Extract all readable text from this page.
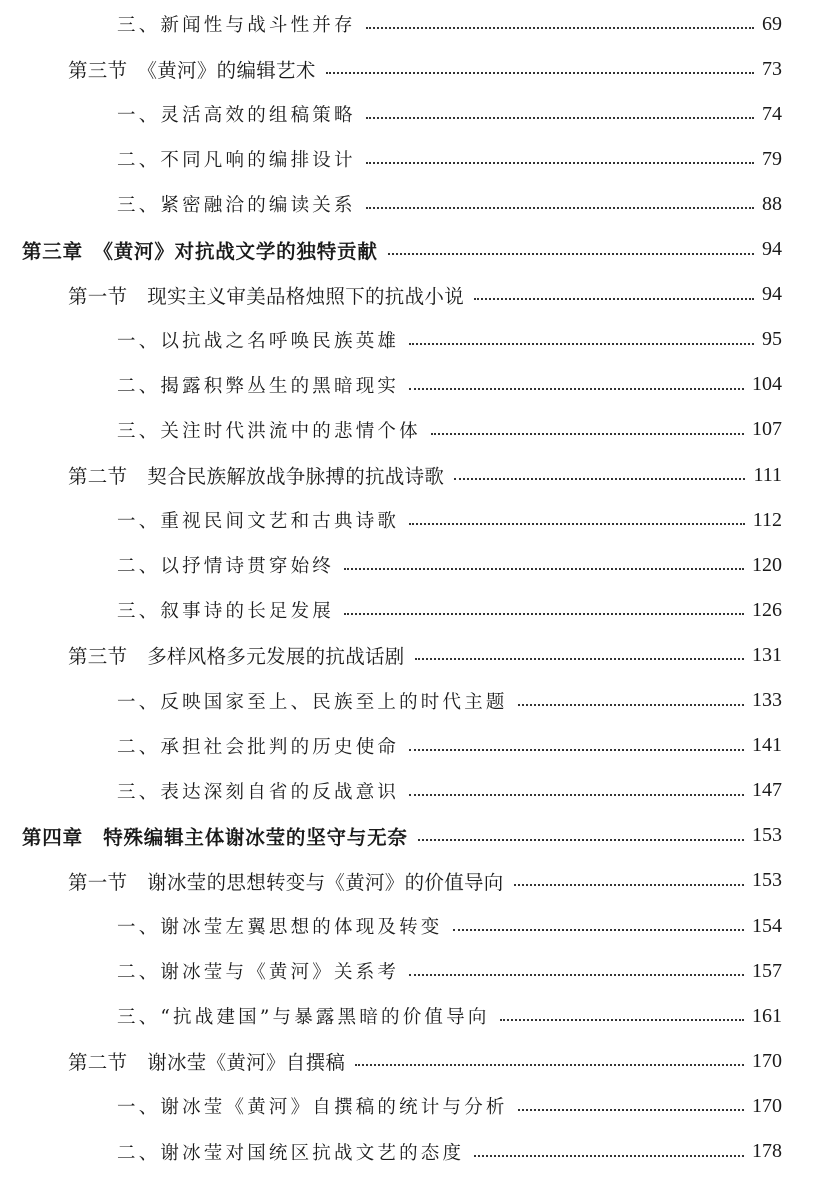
三、新闻性与战斗性并存	69
第三节　《黄河》的编辑艺术	73
一、灵活高效的组稿策略	74
二、不同凡响的编排设计	79
三、紧密融洽的编读关系	88
第三章　《黄河》对抗战文学的独特贡献	94
第一节　现实主义审美品格烛照下的抗战小说	94
一、以抗战之名呼唤民族英雄	95
二、揭露积弊丛生的黑暗现实	104
三、关注时代洪流中的悲情个体	107
第二节　契合民族解放战争脉搏的抗战诗歌	111
一、重视民间文艺和古典诗歌	112
二、以抒情诗贯穿始终	120
三、叙事诗的长足发展	126
第三节　多样风格多元发展的抗战话剧	131
一、反映国家至上、民族至上的时代主题	133
二、承担社会批判的历史使命	141
三、表达深刻自省的反战意识	147
第四章　特殊编辑主体谢冰莹的坚守与无奈	153
第一节　谢冰莹的思想转变与《黄河》的价值导向	153
一、谢冰莹左翼思想的体现及转变	154
二、谢冰莹与《黄河》关系考	157
三、“抗战建国”与暴露黑暗的价值导向	161
第二节　谢冰莹《黄河》自撰稿	170
一、谢冰莹《黄河》自撰稿的统计与分析	170
二、谢冰莹对国统区抗战文艺的态度	178
